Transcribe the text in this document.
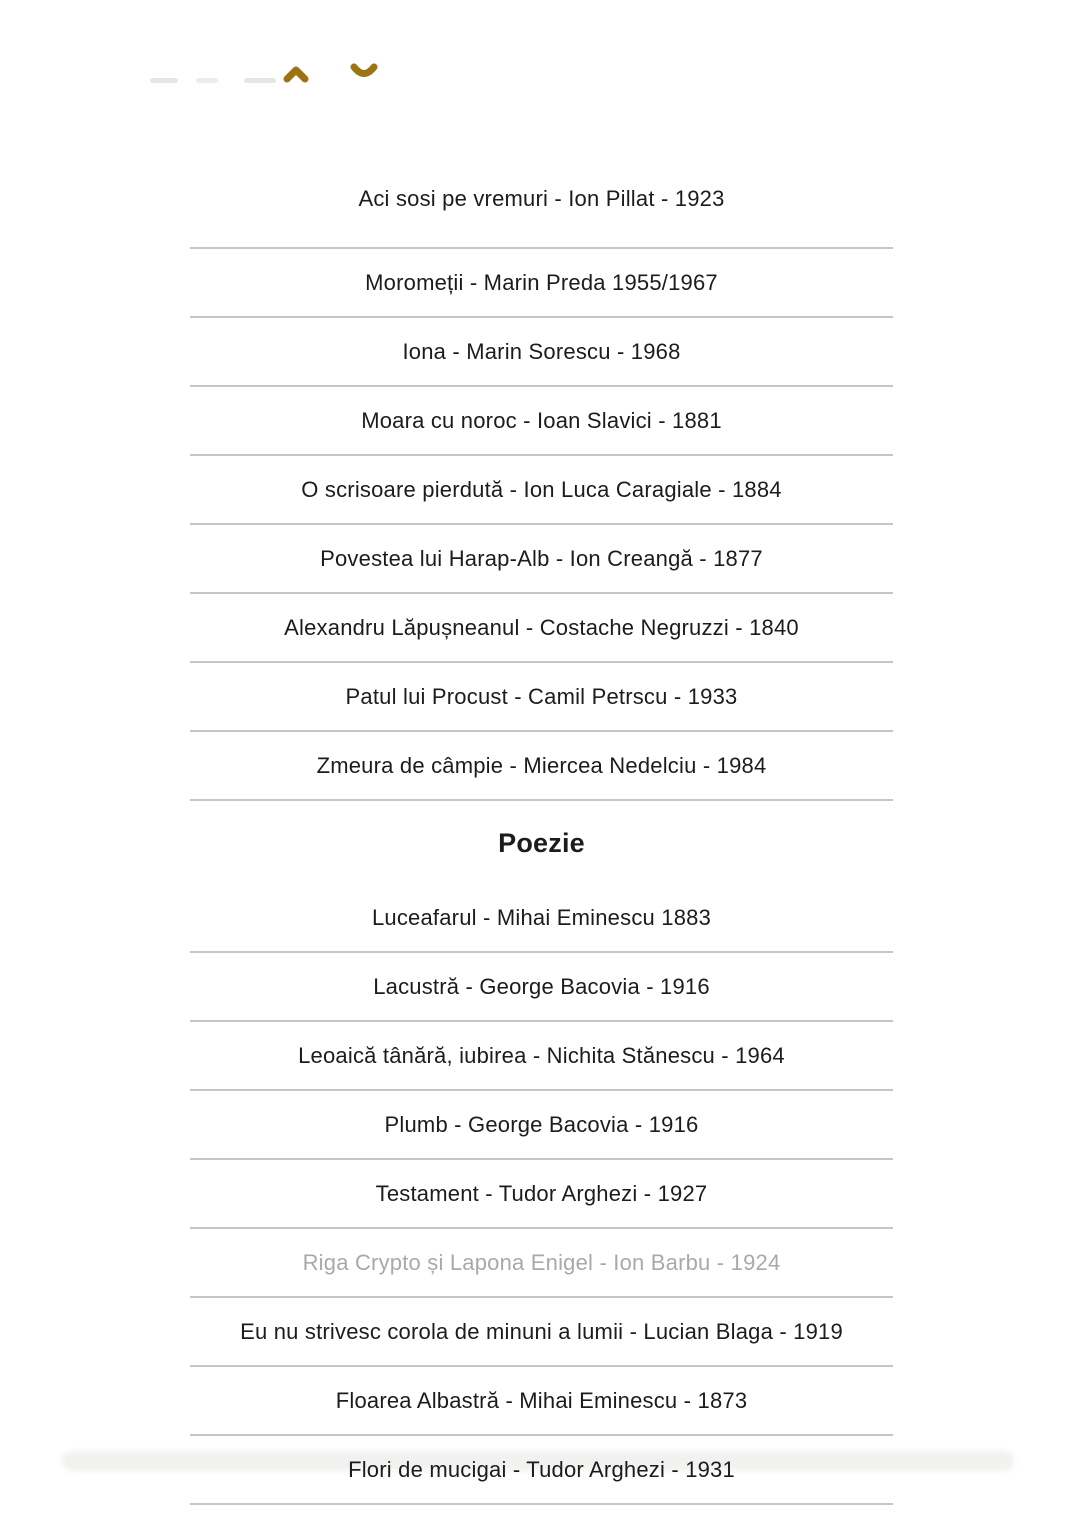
Aci sosi pe vremuri - Ion Pillat - 1923
Moromeții - Marin Preda 1955/1967
Iona - Marin Sorescu - 1968
Moara cu noroc - Ioan Slavici - 1881
O scrisoare pierdută - Ion Luca Caragiale - 1884
Povestea lui Harap-Alb - Ion Creangă - 1877
Alexandru Lăpușneanul - Costache Negruzzi - 1840
Patul lui Procust - Camil Petrscu - 1933
Zmeura de câmpie - Miercea Nedelciu - 1984
Poezie
Luceafarul - Mihai Eminescu 1883
Lacustră - George Bacovia - 1916
Leoaică tânără, iubirea - Nichita Stănescu - 1964
Plumb - George Bacovia - 1916
Testament - Tudor Arghezi - 1927
Riga Crypto și Lapona Enigel - Ion Barbu - 1924
Eu nu strivesc corola de minuni a lumii - Lucian Blaga - 1919
Floarea Albastră - Mihai Eminescu - 1873
Flori de mucigai - Tudor Arghezi - 1931
